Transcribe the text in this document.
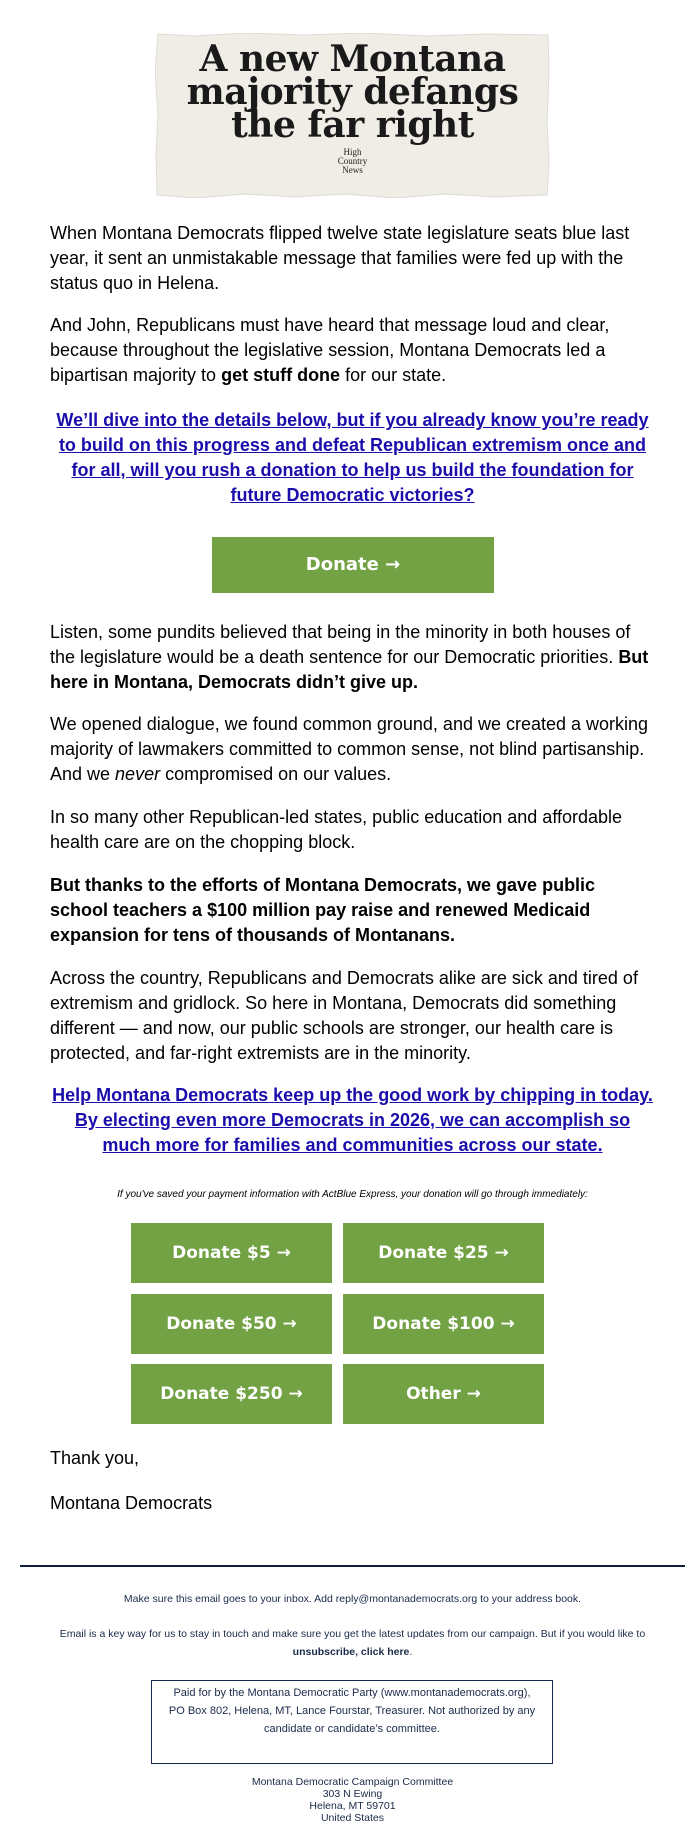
A new Montana
majority defangs
the far right
High
Country
News

When Montana Democrats flipped twelve state legislature seats blue last year, it sent an unmistakable message that families were fed up with the status quo in Helena.

And John, Republicans must have heard that message loud and clear, because throughout the legislative session, Montana Democrats led a bipartisan majority to get stuff done for our state.

We’ll dive into the details below, but if you already know you’re ready to build on this progress and defeat Republican extremism once and for all, will you rush a donation to help us build the foundation for future Democratic victories?
Donate →

Listen, some pundits believed that being in the minority in both houses of the legislature would be a death sentence for our Democratic priorities. But here in Montana, Democrats didn’t give up.

We opened dialogue, we found common ground, and we created a working majority of lawmakers committed to common sense, not blind partisanship. And we never compromised on our values.

In so many other Republican-led states, public education and affordable health care are on the chopping block.

But thanks to the efforts of Montana Democrats, we gave public school teachers a $100 million pay raise and renewed Medicaid expansion for tens of thousands of Montanans.

Across the country, Republicans and Democrats alike are sick and tired of extremism and gridlock. So here in Montana, Democrats did something different — and now, our public schools are stronger, our health care is protected, and far-right extremists are in the minority.

Help Montana Democrats keep up the good work by chipping in today. By electing even more Democrats in 2026, we can accomplish so much more for families and communities across our state.
If you've saved your payment information with ActBlue Express, your donation will go through immediately:
Donate $5 →	Donate $25 →
Donate $50 →	Donate $100 →
Donate $250 →	Other →

Thank you,

Montana Democrats

Make sure this email goes to your inbox. Add reply@montanademocrats.org to your address book.
Email is a key way for us to stay in touch and make sure you get the latest updates from our campaign. But if you would like to unsubscribe, click here.
Paid for by the Montana Democratic Party (www.montanademocrats.org), PO Box 802, Helena, MT, Lance Fourstar, Treasurer. Not authorized by any candidate or candidate’s committee.
Montana Democratic Campaign Committee
303 N Ewing
Helena, MT 59701
United States
